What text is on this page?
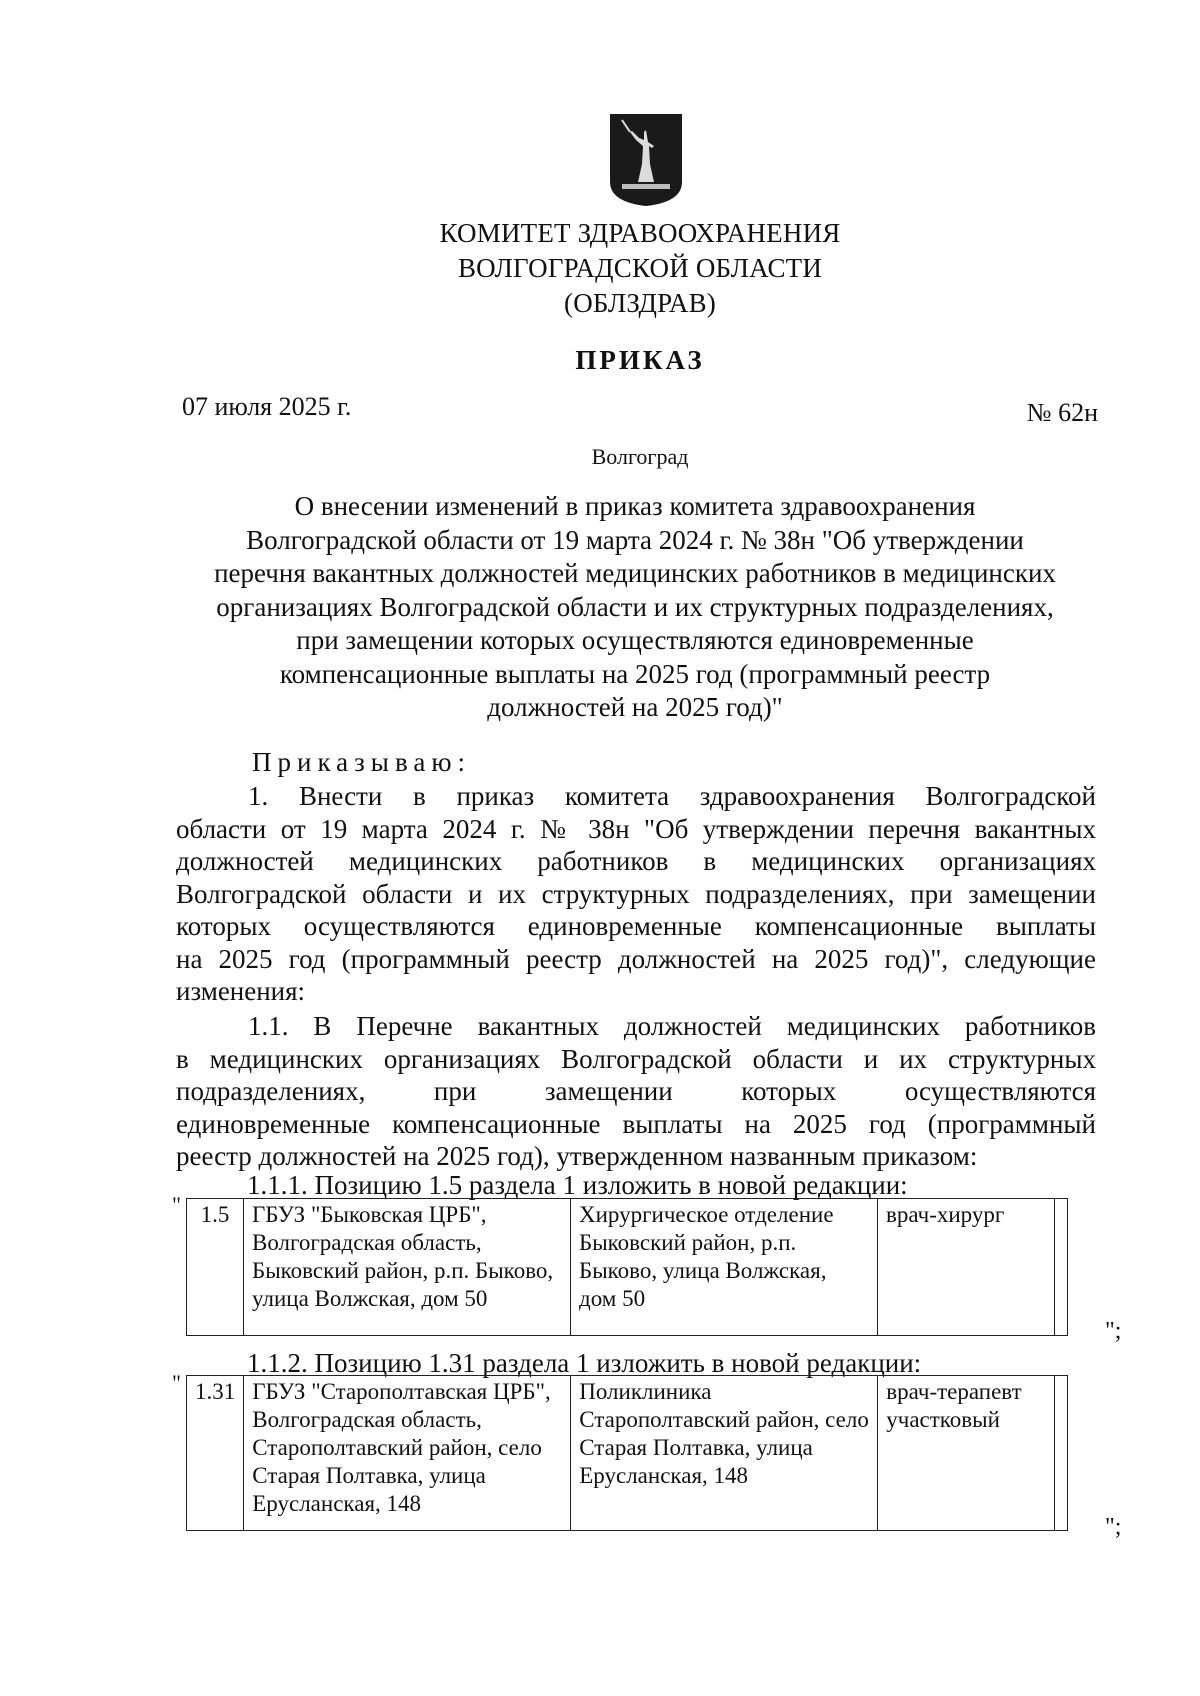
КОМИТЕТ ЗДРАВООХРАНЕНИЯ
ВОЛГОГРАДСКОЙ ОБЛАСТИ
(ОБЛЗДРАВ)
ПРИКАЗ
07 июля 2025 г.	№ 62н
Волгоград
О внесении изменений в приказ комитета здравоохранения
Волгоградской области от 19 марта 2024 г. № 38н "Об утверждении
перечня вакантных должностей медицинских работников в медицинских
организациях Волгоградской области и их структурных подразделениях,
при замещении которых осуществляются единовременные
компенсационные выплаты на 2025 год (программный реестр
должностей на 2025 год)"
Приказываю:
1. Внести в приказ комитета здравоохранения Волгоградской
области от 19 марта 2024 г. № 38н "Об утверждении перечня вакантных
должностей медицинских работников в медицинских организациях
Волгоградской области и их структурных подразделениях, при замещении
которых осуществляются единовременные компенсационные выплаты
на 2025 год (программный реестр должностей на 2025 год)", следующие
изменения:
1.1. В Перечне вакантных должностей медицинских работников
в медицинских организациях Волгоградской области и их структурных
подразделениях, при замещении которых осуществляются
единовременные компенсационные выплаты на 2025 год (программный
реестр должностей на 2025 год), утвержденном названным приказом:
1.1.1. Позицию 1.5 раздела 1 изложить в новой редакции:
" 1.5	ГБУЗ "Быковская ЦРБ", Волгоградская область, Быковский район, р.п. Быково, улица Волжская, дом 50	Хирургическое отделение Быковский район, р.п. Быково, улица Волжская, дом 50	врач-хирург	
";
1.1.2. Позицию 1.31 раздела 1 изложить в новой редакции:
" 1.31	ГБУЗ "Старополтавская ЦРБ", Волгоградская область, Старополтавский район, село Старая Полтавка, улица Ерусланская, 148	Поликлиника Старополтавский район, село Старая Полтавка, улица Ерусланская, 148	врач-терапевт участковый	
";
